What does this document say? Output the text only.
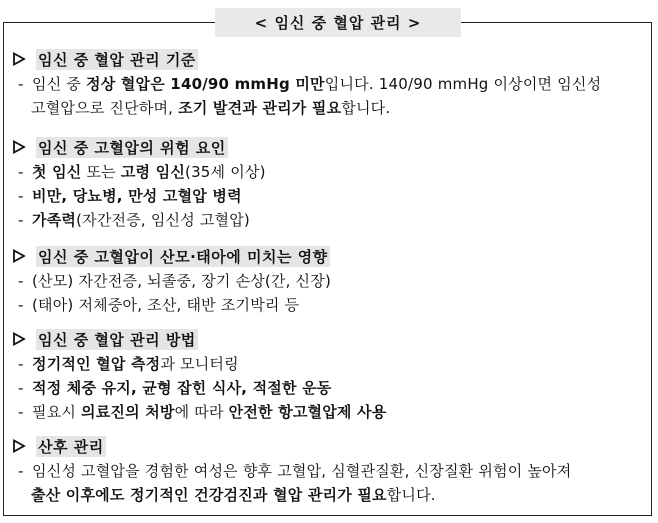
< 임신 중 혈압 관리 >
임신 중 혈압 관리 기준
- 임신 중 정상 혈압은 140/90 mmHg 미만입니다. 140/90 mmHg 이상이면 임신성
고혈압으로 진단하며, 조기 발견과 관리가 필요합니다.
임신 중 고혈압의 위험 요인
- 첫 임신 또는 고령 임신(35세 이상)
- 비만, 당뇨병, 만성 고혈압 병력
- 가족력(자간전증, 임신성 고혈압)
임신 중 고혈압이 산모·태아에 미치는 영향
- (산모) 자간전증, 뇌졸중, 장기 손상(간, 신장)
- (태아) 저체중아, 조산, 태반 조기박리 등
임신 중 혈압 관리 방법
- 정기적인 혈압 측정과 모니터링
- 적정 체중 유지, 균형 잡힌 식사, 적절한 운동
- 필요시 의료진의 처방에 따라 안전한 항고혈압제 사용
산후 관리
- 임신성 고혈압을 경험한 여성은 향후 고혈압, 심혈관질환, 신장질환 위험이 높아져
출산 이후에도 정기적인 건강검진과 혈압 관리가 필요합니다.
